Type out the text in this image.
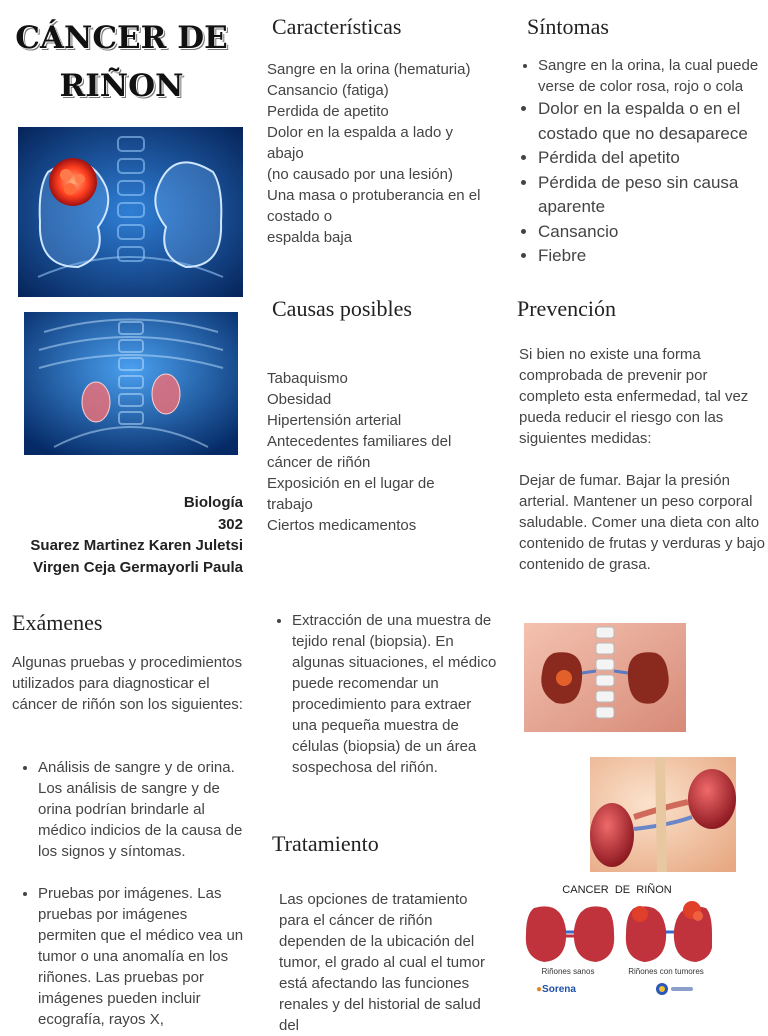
CÁNCER DE
RIÑON
Biología
302
Suarez Martinez Karen Juletsi
Virgen Ceja Germayorli Paula
Características

Sangre en la orina (hematuria)

Cansancio (fatiga)

Perdida de apetito

Dolor en la espalda a lado y

abajo

(no causado por una lesión)

Una masa o protuberancia en el

costado o

espalda baja

Síntomas
• Sangre en la orina, la cual puede verse de color rosa, rojo o cola
• Dolor en la espalda o en el costado que no desaparece
• Pérdida del apetito
• Pérdida de peso sin causa aparente
• Cansancio
• Fiebre
Causas posibles

Tabaquismo

Obesidad

Hipertensión arterial

Antecedentes familiares del

cáncer de riñón

Exposición en el lugar de

trabajo

Ciertos medicamentos

Prevención

Si bien no existe una forma comprobada de prevenir por completo esta enfermedad, tal vez pueda reducir el riesgo con las siguientes medidas:

Dejar de fumar. Bajar la presión arterial. Mantener un peso corporal saludable. Comer una dieta con alto contenido de frutas y verduras y bajo contenido de grasa.

Exámenes

Algunas pruebas y procedimientos utilizados para diagnosticar el cáncer de riñón son los siguientes:

• Análisis de sangre y de orina. Los análisis de sangre y de orina podrían brindarle al médico indicios de la causa de los signos y síntomas.
• Pruebas por imágenes. Las pruebas por imágenes permiten que el médico vea un tumor o una anomalía en los riñones. Las pruebas por imágenes pueden incluir ecografía, rayos X,
• Extracción de una muestra de tejido renal (biopsia). En algunas situaciones, el médico puede recomendar un procedimiento para extraer una pequeña muestra de células (biopsia) de un área sospechosa del riñón.
Tratamiento

Las opciones de tratamiento para el cáncer de riñón dependen de la ubicación del tumor, el grado al cual el tumor está afectando las funciones renales y del historial de salud del

CANCER  DE  RIÑON
Riñones sanos	Riñones con tumores
●Sorena
